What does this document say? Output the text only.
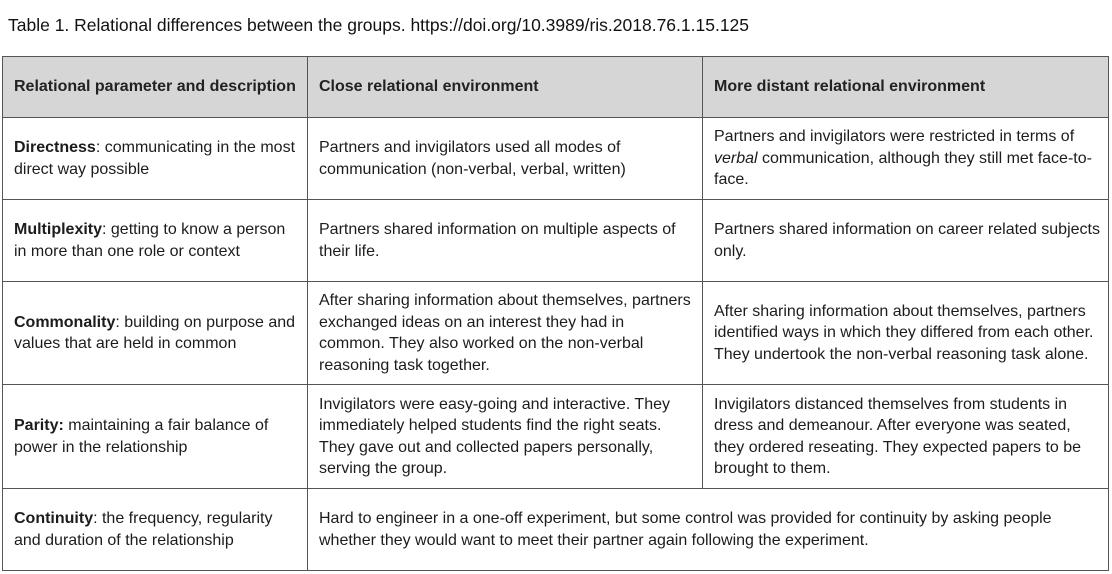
Table 1. Relational differences between the groups. https://doi.org/10.3989/ris.2018.76.1.15.125
Relational parameter and description	Close relational environment	More distant relational environment
Directness: communicating in the most direct way possible	Partners and invigilators used all modes of communication (non-verbal, verbal, written)	Partners and invigilators were restricted in terms of verbal communication, although they still met face-to-face.
Multiplexity: getting to know a person in more than one role or context	Partners shared information on multiple aspects of their life.	Partners shared information on career related subjects only.
Commonality: building on purpose and values that are held in common	After sharing information about themselves, partners exchanged ideas on an interest they had in common. They also worked on the non-verbal reasoning task together.	After sharing information about themselves, partners identified ways in which they differed from each other. They undertook the non-verbal reasoning task alone.
Parity: maintaining a fair balance of power in the relationship	Invigilators were easy-going and interactive. They immediately helped students find the right seats. They gave out and collected papers personally, serving the group.	Invigilators distanced themselves from students in dress and demeanour. After everyone was seated, they ordered reseating. They expected papers to be brought to them.
Continuity: the frequency, regularity and duration of the relationship	Hard to engineer in a one-off experiment, but some control was provided for continuity by asking people whether they would want to meet their partner again following the experiment.	
